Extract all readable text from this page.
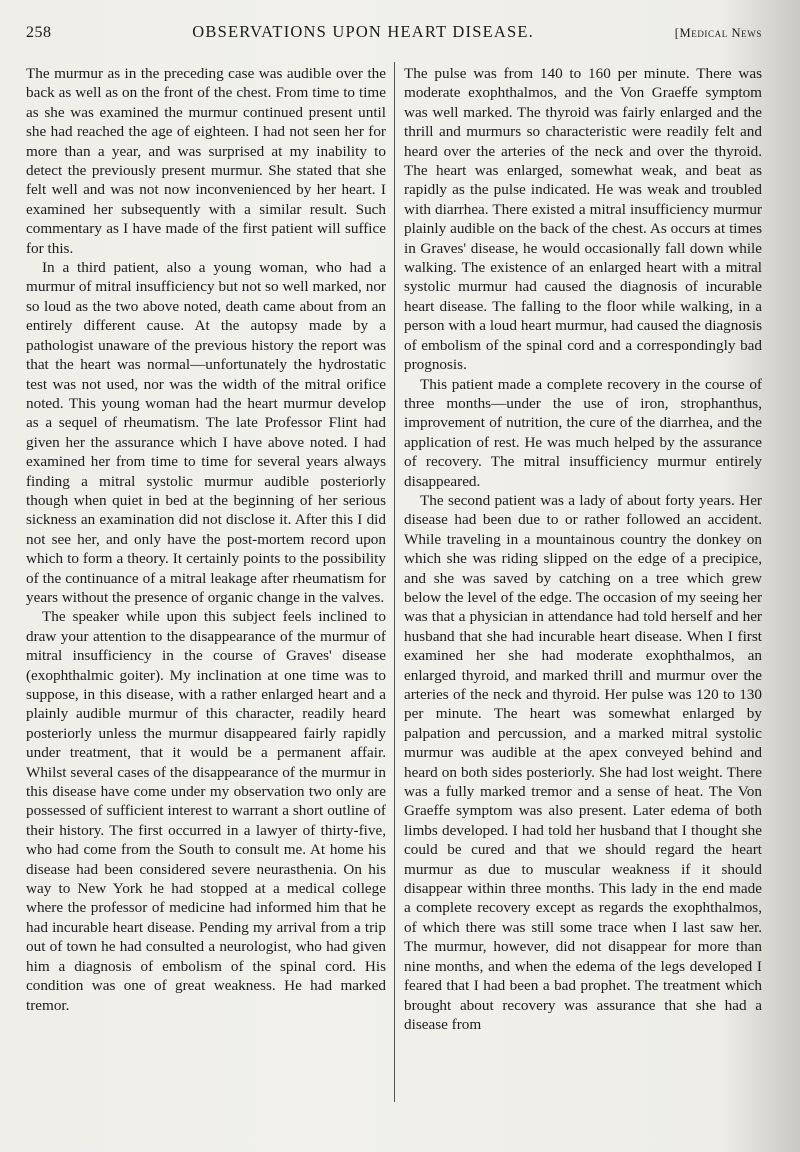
258	OBSERVATIONS UPON HEART DISEASE.	[Medical News

The murmur as in the preceding case was audible over the back as well as on the front of the chest. From time to time as she was examined the murmur continued present until she had reached the age of eighteen. I had not seen her for more than a year, and was surprised at my inability to detect the previously present murmur. She stated that she felt well and was not now inconvenienced by her heart. I examined her subsequently with a similar result. Such commentary as I have made of the first patient will suffice for this.

In a third patient, also a young woman, who had a murmur of mitral insufficiency but not so well marked, nor so loud as the two above noted, death came about from an entirely different cause. At the autopsy made by a pathologist unaware of the previous history the report was that the heart was normal—unfortunately the hydrostatic test was not used, nor was the width of the mitral orifice noted. This young woman had the heart murmur develop as a sequel of rheumatism. The late Professor Flint had given her the assurance which I have above noted. I had examined her from time to time for several years always finding a mitral systolic murmur audible posteriorly though when quiet in bed at the beginning of her serious sickness an examination did not disclose it. After this I did not see her, and only have the post-mortem record upon which to form a theory. It certainly points to the possibility of the continuance of a mitral leakage after rheumatism for years without the presence of organic change in the valves.

The speaker while upon this subject feels inclined to draw your attention to the disappearance of the murmur of mitral insufficiency in the course of Graves' disease (exophthalmic goiter). My inclination at one time was to suppose, in this disease, with a rather enlarged heart and a plainly audible murmur of this character, readily heard posteriorly unless the murmur disappeared fairly rapidly under treatment, that it would be a permanent affair. Whilst several cases of the disappearance of the murmur in this disease have come under my observation two only are possessed of sufficient interest to warrant a short outline of their history. The first occurred in a lawyer of thirty-five, who had come from the South to consult me. At home his disease had been considered severe neurasthenia. On his way to New York he had stopped at a medical college where the professor of medicine had informed him that he had incurable heart disease. Pending my arrival from a trip out of town he had consulted a neurologist, who had given him a diagnosis of embolism of the spinal cord. His condition was one of great weakness. He had marked tremor.

The pulse was from 140 to 160 per minute. There was moderate exophthalmos, and the Von Graeffe symptom was well marked. The thyroid was fairly enlarged and the thrill and murmurs so characteristic were readily felt and heard over the arteries of the neck and over the thyroid. The heart was enlarged, somewhat weak, and beat as rapidly as the pulse indicated. He was weak and troubled with diarrhea. There existed a mitral insufficiency murmur plainly audible on the back of the chest. As occurs at times in Graves' disease, he would occasionally fall down while walking. The existence of an enlarged heart with a mitral systolic murmur had caused the diagnosis of incurable heart disease. The falling to the floor while walking, in a person with a loud heart murmur, had caused the diagnosis of embolism of the spinal cord and a correspondingly bad prognosis.

This patient made a complete recovery in the course of three months—under the use of iron, strophanthus, improvement of nutrition, the cure of the diarrhea, and the application of rest. He was much helped by the assurance of recovery. The mitral insufficiency murmur entirely disappeared.

The second patient was a lady of about forty years. Her disease had been due to or rather followed an accident. While traveling in a mountainous country the donkey on which she was riding slipped on the edge of a precipice, and she was saved by catching on a tree which grew below the level of the edge. The occasion of my seeing her was that a physician in attendance had told herself and her husband that she had incurable heart disease. When I first examined her she had moderate exophthalmos, an enlarged thyroid, and marked thrill and murmur over the arteries of the neck and thyroid. Her pulse was 120 to 130 per minute. The heart was somewhat enlarged by palpation and percussion, and a marked mitral systolic murmur was audible at the apex conveyed behind and heard on both sides posteriorly. She had lost weight. There was a fully marked tremor and a sense of heat. The Von Graeffe symptom was also present. Later edema of both limbs developed. I had told her husband that I thought she could be cured and that we should regard the heart murmur as due to muscular weakness if it should disappear within three months. This lady in the end made a complete recovery except as regards the exophthalmos, of which there was still some trace when I last saw her. The murmur, however, did not disappear for more than nine months, and when the edema of the legs developed I feared that I had been a bad prophet. The treatment which brought about recovery was assurance that she had a disease from
